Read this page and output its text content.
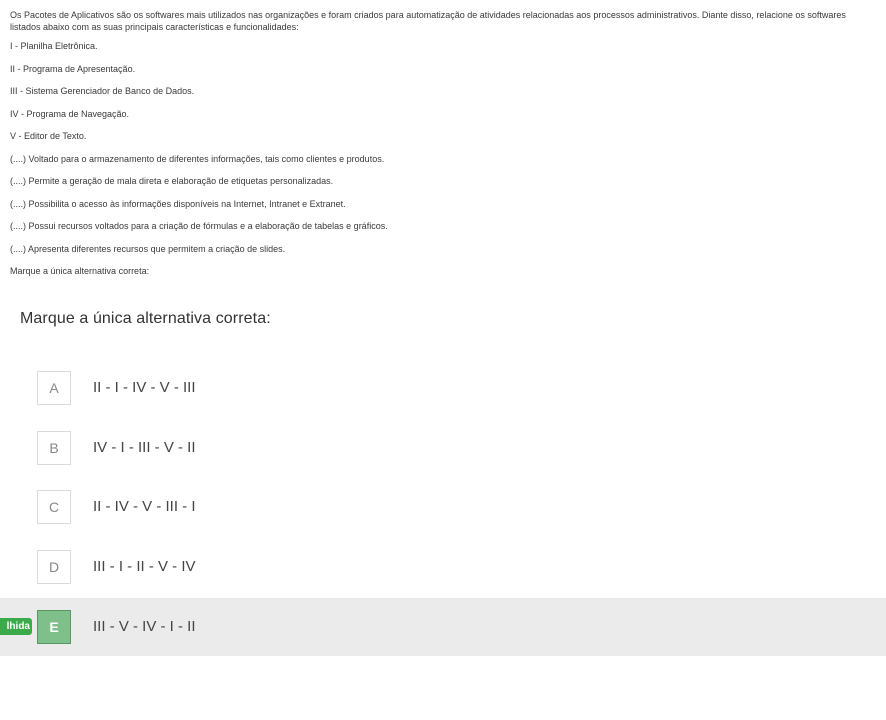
Os Pacotes de Aplicativos são os softwares mais utilizados nas organizações e foram criados para automatização de atividades relacionadas aos processos administrativos. Diante disso, relacione os softwares listados abaixo com as suas principais características e funcionalidades:

I - Planilha Eletrônica.

II - Programa de Apresentação.

III - Sistema Gerenciador de Banco de Dados.

IV - Programa de Navegação.

V - Editor de Texto.

(....) Voltado para o armazenamento de diferentes informações, tais como clientes e produtos.

(....) Permite a geração de mala direta e elaboração de etiquetas personalizadas.

(....) Possibilita o acesso às informações disponíveis na Internet, Intranet e Extranet.

(....) Possui recursos voltados para a criação de fórmulas e a elaboração de tabelas e gráficos.

(....) Apresenta diferentes recursos que permitem a criação de slides.

Marque a única alternativa correta:

Marque a única alternativa correta:
A	II - I - IV - V - III
B	IV - I - III - V - II
C	II - IV - V - III - I
D	III - I - II - V - IV
lhida	E	III - V - IV - I - II
